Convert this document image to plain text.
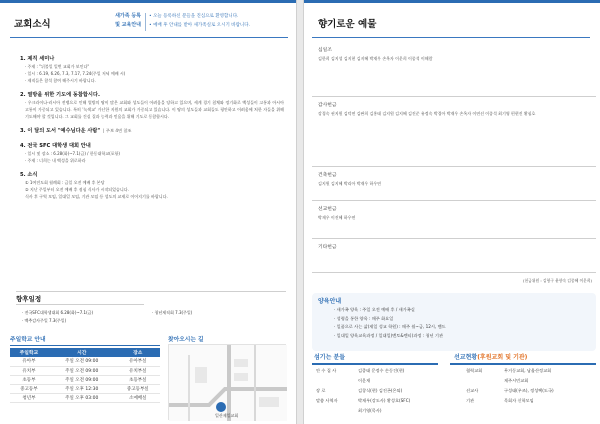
교회소식
새가족 등록
및 교육안내
• 오늘 등록하신 분들을 진심으로 환영합니다.
• 예배 후 안내를 받아 새가족실로 오시기 바랍니다.
1. 제직 세미나
· 주제 : "뒤불일 일번 교회가 보인다"
· 일시 : 6.19, 6.26, 7.3, 7.17, 7.24(주일 저녁 예배 시)
· 제직들은 참석 참여 해주시기 바랍니다.
2. 열방을 위한 기도에 동참합시다.
· 우크라이나-러시아 전쟁으로 인해 열방의 땅이 많은 교회와 성도들이 어려움을 당하고 있으며, 세계 경기 침체와 정기화로 백성들이 고통과 아시아 고통이 가중되고 있습니다. 특히 '녹색교' 가난한 지원의 교회가 가중되고 있습니다. 이 땅의 성도들과 교회들도 평안하고 어려움에 처한 자들을 위해 기도해야 할 것입니다. 그 교회를 건실 질과 능력과 믿음을 위해 기도로 동참합시다.
3. 이 달의 도서 "예수님다운 사람" | 주보 4면 참조
4. 전국 SFC 대학생 대회 안내
· 일시 및 장소 : 6.28(화)~7.1(금) / 한동대학교(포항)
· 주제 : 너희는 내 백성을 위로하라
5. 소식
① 1여전도회 월례회 : 금일 오전 예배 후 본당
② 지난 주일부터 오전 예배 후 점심 식사가 시작되었습니다.
식사 후 구역 모임, 일대일 모임, 기관 모임 등 성도의 교제로 이어지기를 바랍니다.
향후일정
· 전국SFC대학생대회 6.28(화)~7.1(금)	· 청년제직회 7.3(주일)
· 맥추감사주일 7.3(주일)
주일학교 안내
주일학교	시간	장소
유아부	주일 오전 09:00	유아부실
유치부	주일 오전 09:00	유치부실
초등부	주일 오전 09:00	초등부실
중고등부	주일 오후 12:30	중고등부실
청년부	주일 오후 03:00	소예배실
찾아오시는 길
일산제일교회
향기로운 예물
십일조
김한희 김지성 김지현 김지혜 박재우 손옥자 이운희 이종석 이해람
감사헌금
강경숙 권지원 김덕연 김판희 김홍태 김지원 김지혜 김진준 유정숙 박경아 박재우 손옥자 이연선 이종석 최기영 편현진 황심호
건축헌금
김지원 김지혜 박리아 박재우 하우연
선교헌금
박재우 이진혜 하우연
기타헌금
(헌금위원 : 김형구 윤향숙 김종혜 이운희)
양육안내
· 새가족 양육 : 주일 오전 예배 후 / 새가족실
· 성령을 통한 양육 : 매주 화요일
· 일품으로 사는 삶(제일 성교 학원) : 매주 월~금, 12시, 밴드
· 일대일 양육교육과정 / 일대일(멘토&멘티)과정 : 청년 기관
섬기는 분들	선교현황(후원교회 및 기관)
안 수 집 사	김종태 문정수 손동건(현)
이운재
장 로	김창식(현) 김진곤(은퇴)
말씀 사역자	박재우(강도사) 황성호(SFC)
최기영(목사)
협력교회	무거동교회, 남울산정교회
제주시민교회
선교사	구성태(우즈), 정성택(도국)
기관	목회자 신학모임
